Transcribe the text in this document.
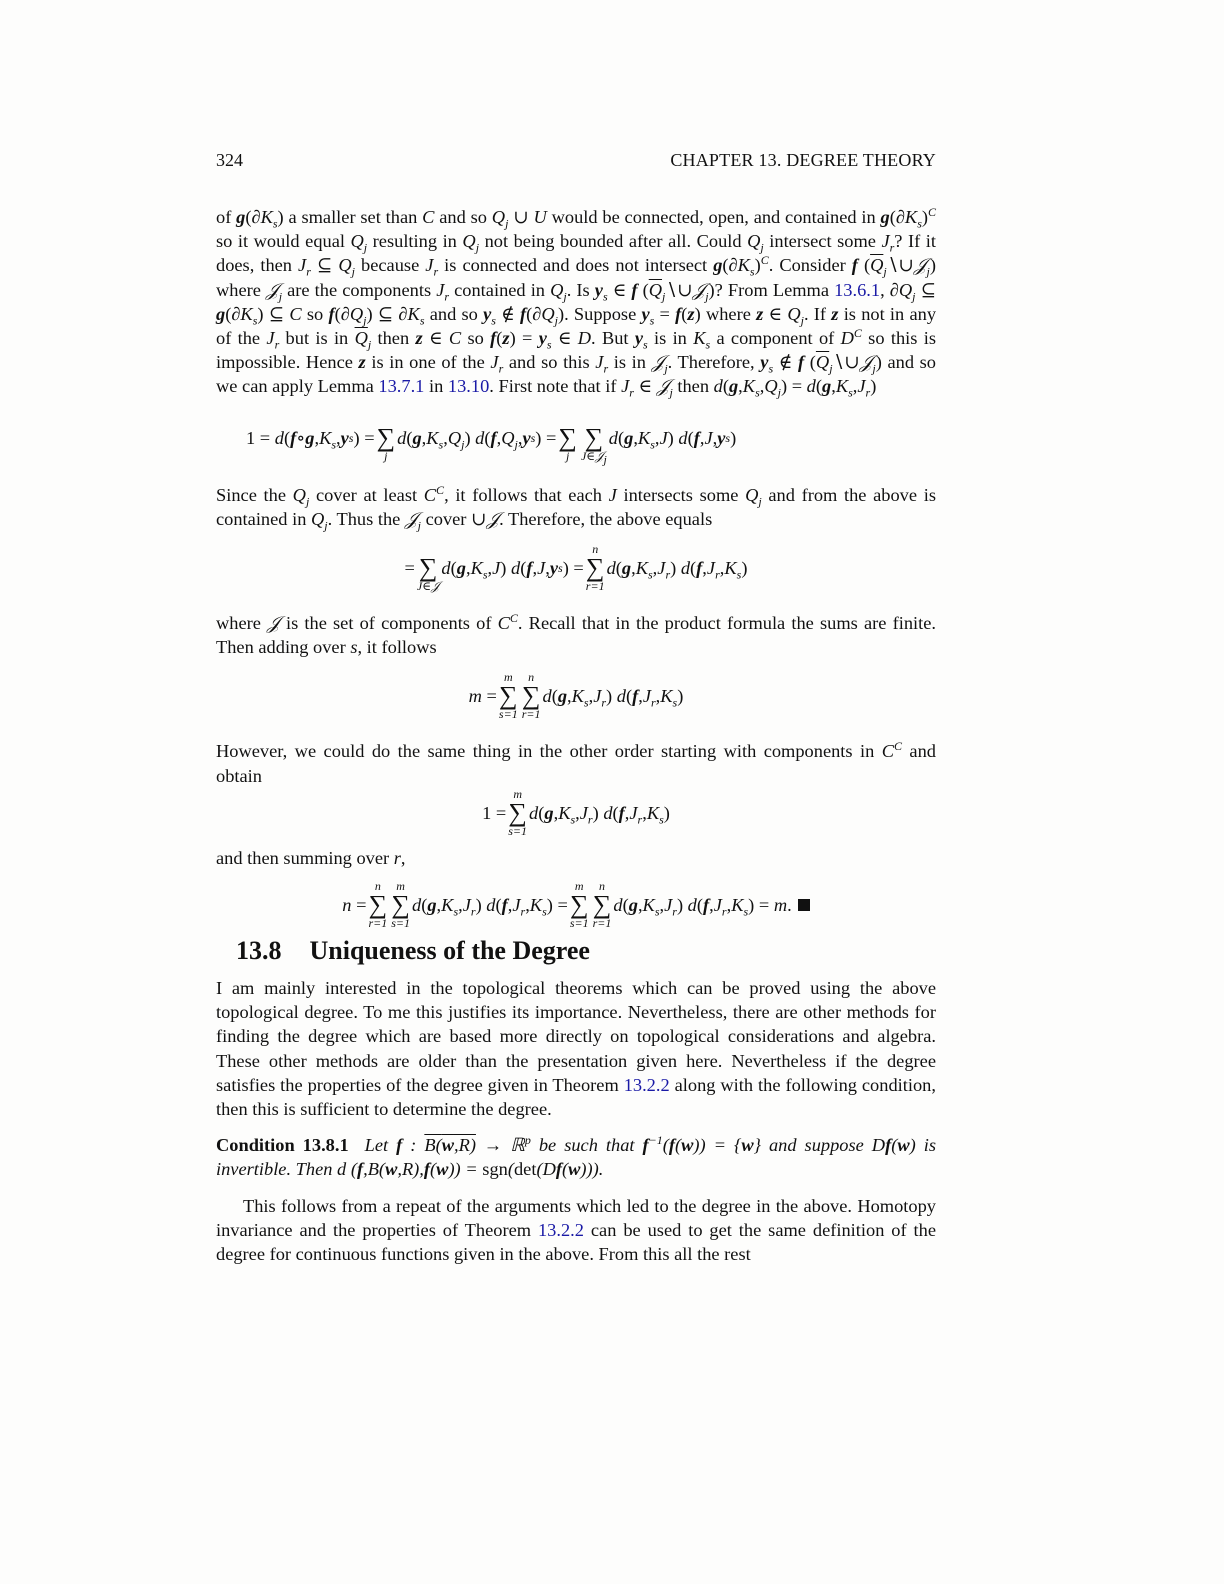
324	CHAPTER 13. DEGREE THEORY

of $g(\partial K_s)$ a smaller set than C and so $Q_j$ ∪ U would be connected, open, and contained in $g(\partial K_s)^C$ so it would equal $Q_j$ resulting in $Q_j$ not being bounded after all. Could $Q_j$ intersect some $J_r$? If it does, then $J_r$ ⊆ $Q_j$ because $J_r$ is connected and does not intersect $g(\partial K_s)^C$. Consider f $(\overline{Q}_j∖\cup 𝒥_j)$ where 𝒥$_j$ are the components $J_r$ contained in $Q_j$. Is $y_s$ ∈ f $(\overline{Q}_j∖\cup 𝒥_j)$? From Lemma 13.6.1, $\partial Q_j$ ⊆ $g(\partial K_s)$ ⊆ C so $f(\partial Q_j)$ ⊆ $\partial K_s$ and so $y_s$ ∉ $f(\partial Q_j)$. Suppose $y_s = f(z)$ where z ∈ $Q_j$. If z is not in any of the $J_r$ but is in $\overline{Q}_j$ then z ∈ C so $f(z) = y_s$ ∈ D. But $y_s$ is in $K_s$ a component of $D^C$ so this is impossible. Hence z is in one of the $J_r$ and so this $J_r$ is in 𝒥$_j$. Therefore, $y_s$ ∉ f $(\overline{Q}_j∖\cup 𝒥_j)$ and so we can apply Lemma 13.7.1 in 13.10. First note that if $J_r$ ∈ 𝒥$_j$ then $d(g,K_s,Q_j) = d(g,K_s,J_r)$

1 = d ( f ∘ g , $K_s$ , y s ) = ∑
j
d ( g , $K_s$ , $Q_j$ ) d ( f , $Q_j$ , y s ) = ∑
j
∑
J∈𝒥$_j$
d ( g , $K_s$ , J ) d ( f , J , y s )

Since the $Q_j$ cover at least $C^C$, it follows that each J intersects some $Q_j$ and from the above is contained in $Q_j$. Thus the 𝒥$_j$ cover ∪𝒥. Therefore, the above equals

= ∑
J∈𝒥
d ( g , $K_s$ , J ) d ( f , J , y s ) =
n
∑
r=1
d ( g , $K_s$ , $J_r$ ) d ( f , $J_r$ , $K_s$ )

where 𝒥 is the set of components of $C^C$. Recall that in the product formula the sums are finite. Then adding over s, it follows

m =
m
∑
s=1
n
∑
r=1
d ( g , $K_s$ , $J_r$ ) d ( f , $J_r$ , $K_s$ )

However, we could do the same thing in the other order starting with components in $C^C$ and obtain

1 =
m
∑
s=1
d ( g , $K_s$ , $J_r$ ) d ( f , $J_r$ , $K_s$ )

and then summing over r,

n =
n
∑
r=1
m
∑
s=1
d ( g , $K_s$ , $J_r$ ) d ( f , $J_r$ , $K_s$ ) =
m
∑
s=1
n
∑
r=1
d ( g , $K_s$ , $J_r$ ) d ( f , $J_r$ , $K_s$ ) = m .
13.8 Uniqueness of the Degree

I am mainly interested in the topological theorems which can be proved using the above topological degree. To me this justifies its importance. Nevertheless, there are other methods for finding the degree which are based more directly on topological considerations and algebra. These other methods are older than the presentation given here. Nevertheless if the degree satisfies the properties of the degree given in Theorem 13.2.2 along with the following condition, then this is sufficient to determine the degree.

Condition 13.8.1 Let f : B(w,R) → ℝ$^p$ be such that $f^{-1}(f(w)) = \{w\}$ and suppose Df(w) is invertible. Then d (f,B(w,R),f(w)) = sgn(det(Df(w))).

This follows from a repeat of the arguments which led to the degree in the above. Homotopy invariance and the properties of Theorem 13.2.2 can be used to get the same definition of the degree for continuous functions given in the above. From this all the rest
